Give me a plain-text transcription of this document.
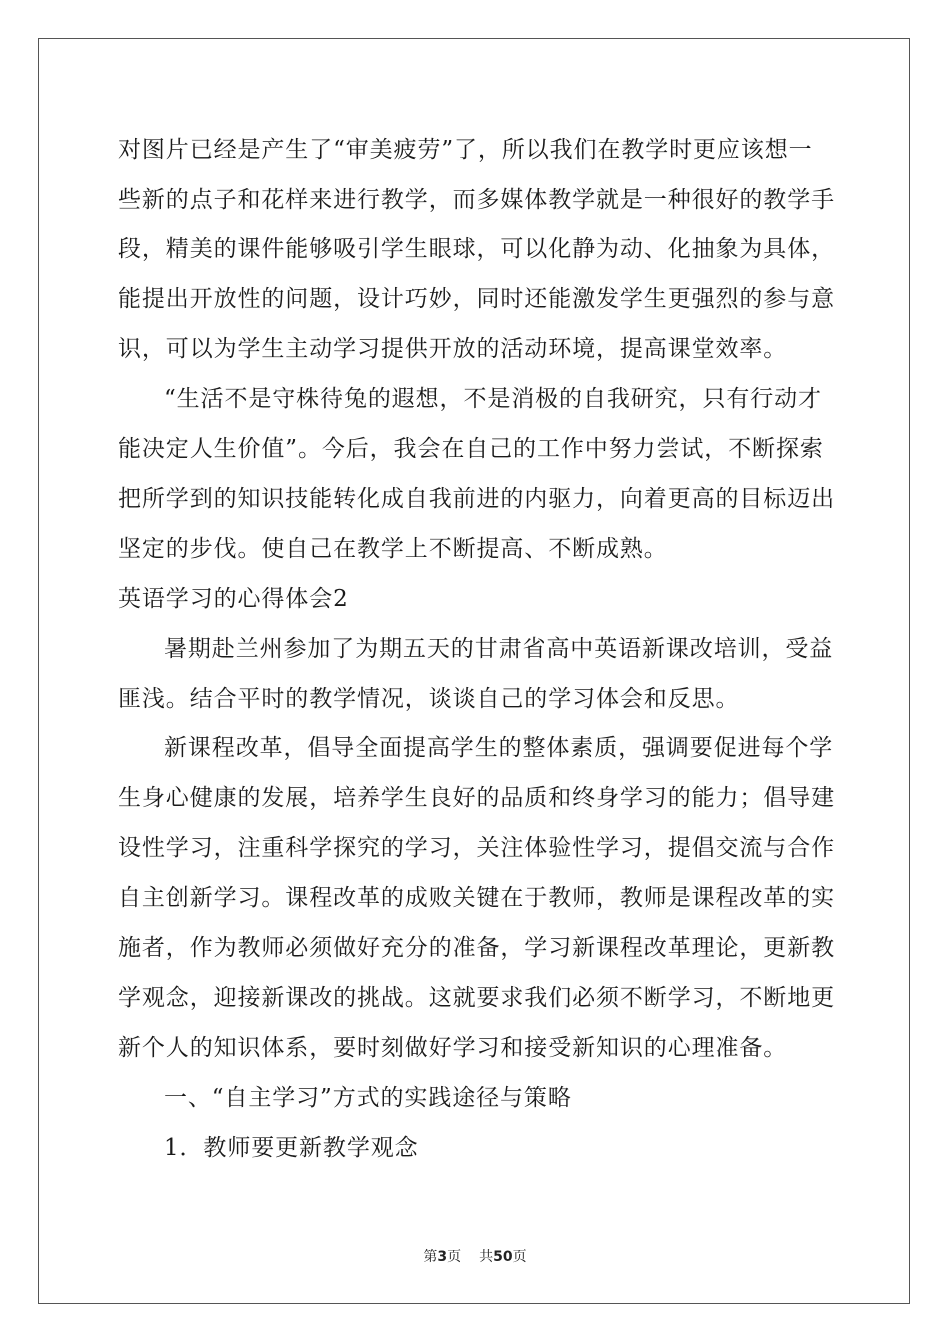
对图片已经是产生了“审美疲劳”了，所以我们在教学时更应该想一
些新的点子和花样来进行教学，而多媒体教学就是一种很好的教学手
段，精美的课件能够吸引学生眼球，可以化静为动、化抽象为具体，
能提出开放性的问题，设计巧妙，同时还能激发学生更强烈的参与意
识，可以为学生主动学习提供开放的活动环境，提高课堂效率。
“生活不是守株待兔的遐想，不是消极的自我研究，只有行动才
能决定人生价值”。今后，我会在自己的工作中努力尝试，不断探索
把所学到的知识技能转化成自我前进的内驱力，向着更高的目标迈出
坚定的步伐。使自己在教学上不断提高、不断成熟。
英语学习的心得体会2
暑期赴兰州参加了为期五天的甘肃省高中英语新课改培训，受益
匪浅。结合平时的教学情况，谈谈自己的学习体会和反思。
新课程改革，倡导全面提高学生的整体素质，强调要促进每个学
生身心健康的发展，培养学生良好的品质和终身学习的能力；倡导建
设性学习，注重科学探究的学习，关注体验性学习，提倡交流与合作
自主创新学习。课程改革的成败关键在于教师，教师是课程改革的实
施者，作为教师必须做好充分的准备，学习新课程改革理论，更新教
学观念，迎接新课改的挑战。这就要求我们必须不断学习，不断地更
新个人的知识体系，要时刻做好学习和接受新知识的心理准备。
一、“自主学习”方式的实践途径与策略
1．教师要更新教学观念
第3页 共50页
